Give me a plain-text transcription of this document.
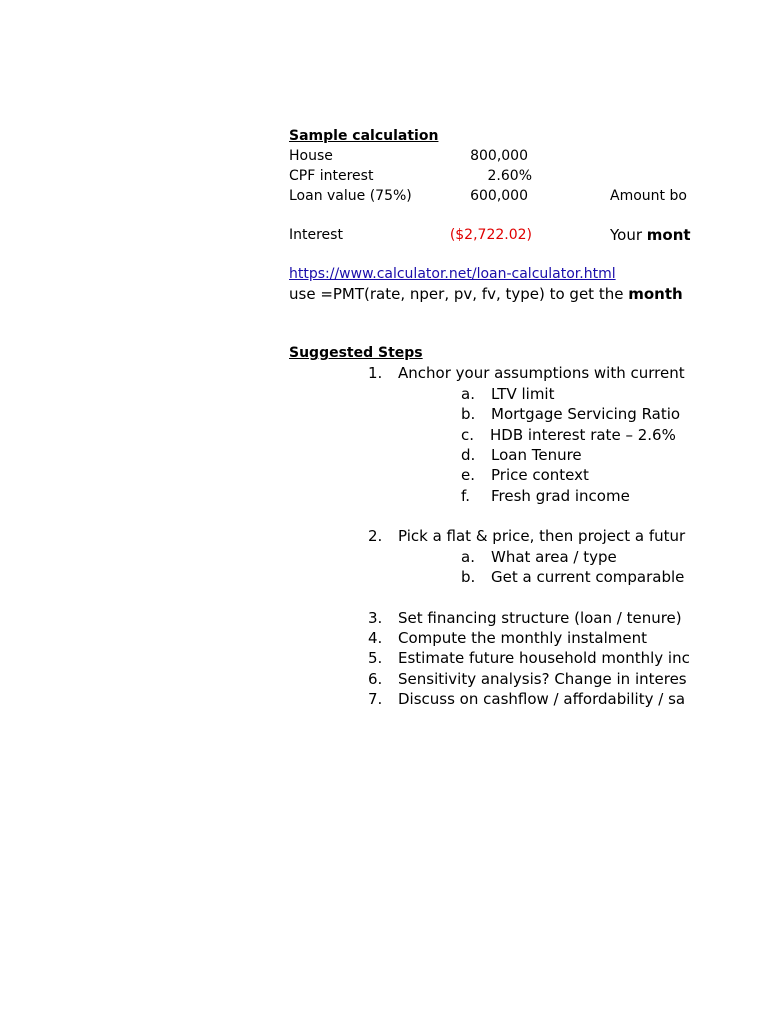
Sample calculation
House	800,000
CPF interest	2.60%
Loan value (75%)	600,000	Amount bo
Interest	($2,722.02)	Your mont
https://www.calculator.net/loan-calculator.html
use =PMT(rate, nper, pv, fv, type) to get the month
Suggested Steps
1. Anchor your assumptions with current
a. LTV limit
b. Mortgage Servicing Ratio
c. HDB interest rate – 2.6%
d. Loan Tenure
e. Price context
f. Fresh grad income
2. Pick a flat & price, then project a futur
a. What area / type
b. Get a current comparable
3. Set financing structure (loan / tenure)
4. Compute the monthly instalment
5. Estimate future household monthly inc
6. Sensitivity analysis? Change in interes
7. Discuss on cashflow / affordability / sa
